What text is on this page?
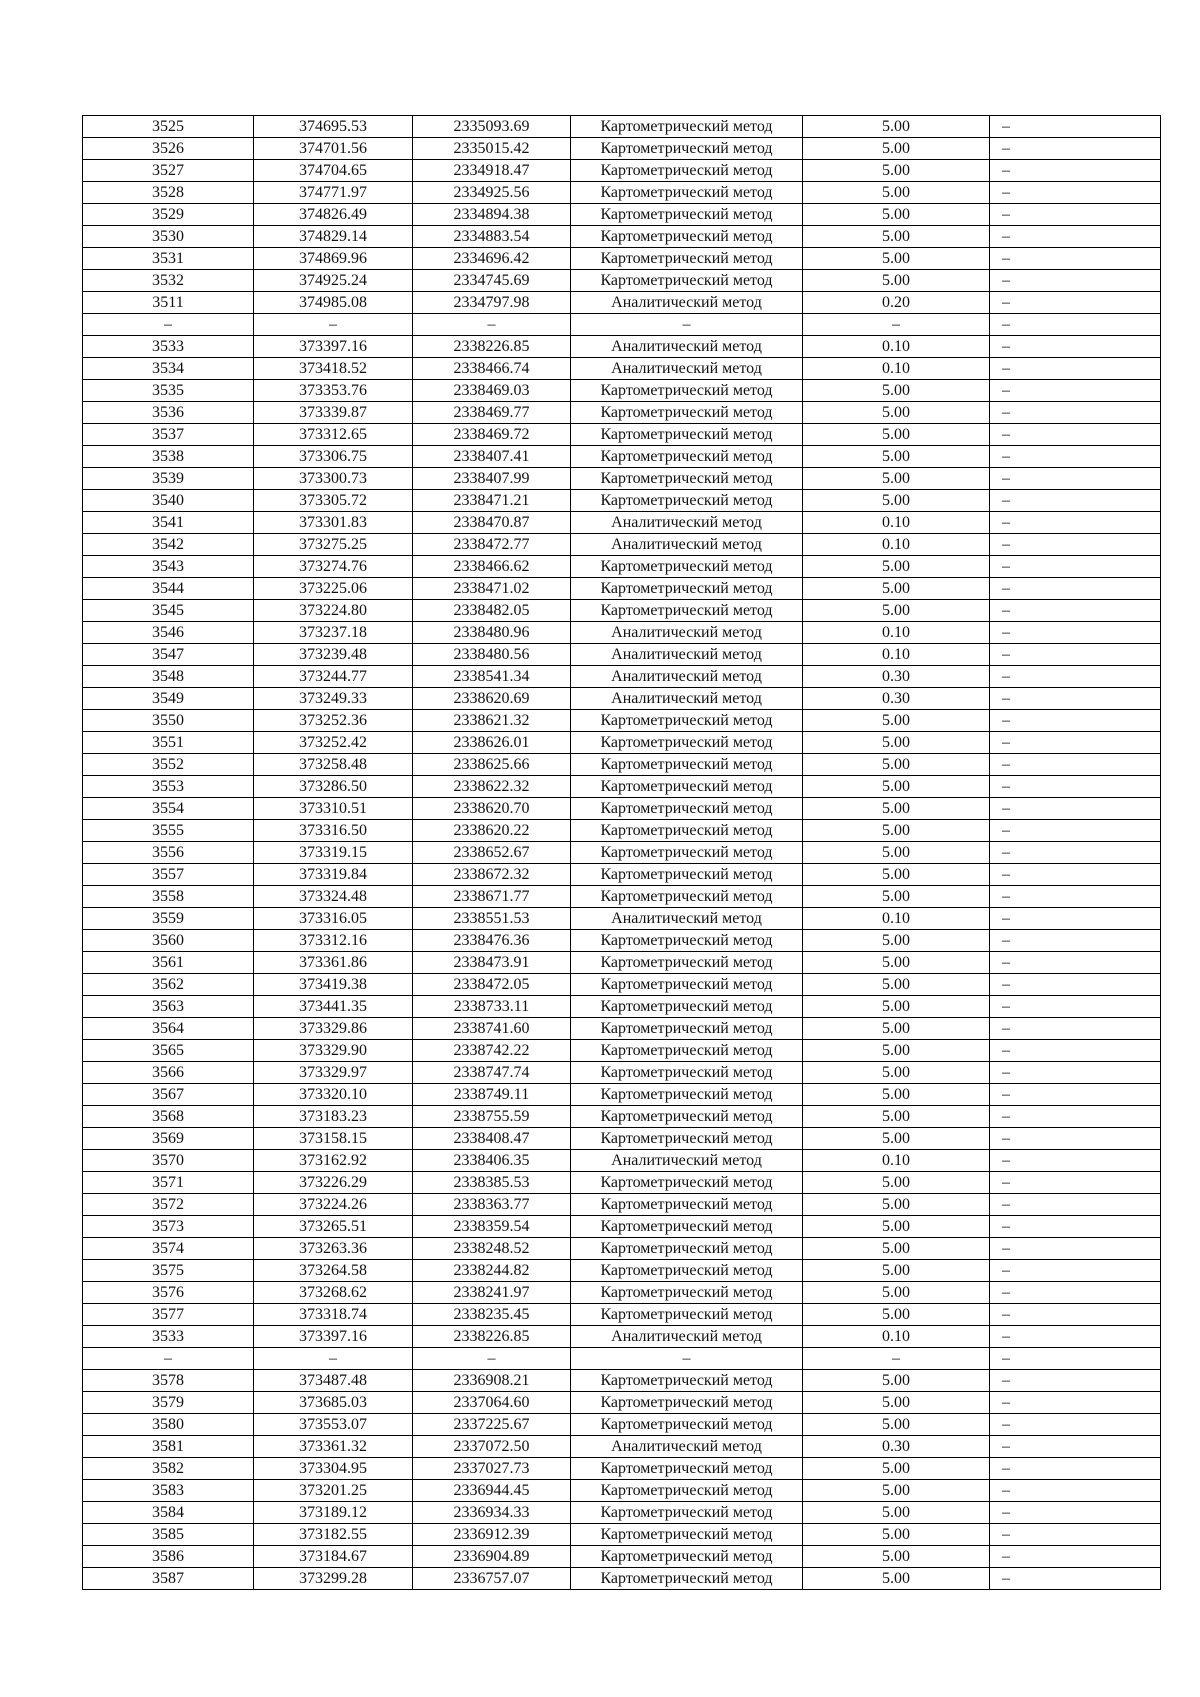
3525	374695.53	2335093.69	Картометрический метод	5.00	–
3526	374701.56	2335015.42	Картометрический метод	5.00	–
3527	374704.65	2334918.47	Картометрический метод	5.00	–
3528	374771.97	2334925.56	Картометрический метод	5.00	–
3529	374826.49	2334894.38	Картометрический метод	5.00	–
3530	374829.14	2334883.54	Картометрический метод	5.00	–
3531	374869.96	2334696.42	Картометрический метод	5.00	–
3532	374925.24	2334745.69	Картометрический метод	5.00	–
3511	374985.08	2334797.98	Аналитический метод	0.20	–
–	–	–	–	–	–
3533	373397.16	2338226.85	Аналитический метод	0.10	–
3534	373418.52	2338466.74	Аналитический метод	0.10	–
3535	373353.76	2338469.03	Картометрический метод	5.00	–
3536	373339.87	2338469.77	Картометрический метод	5.00	–
3537	373312.65	2338469.72	Картометрический метод	5.00	–
3538	373306.75	2338407.41	Картометрический метод	5.00	–
3539	373300.73	2338407.99	Картометрический метод	5.00	–
3540	373305.72	2338471.21	Картометрический метод	5.00	–
3541	373301.83	2338470.87	Аналитический метод	0.10	–
3542	373275.25	2338472.77	Аналитический метод	0.10	–
3543	373274.76	2338466.62	Картометрический метод	5.00	–
3544	373225.06	2338471.02	Картометрический метод	5.00	–
3545	373224.80	2338482.05	Картометрический метод	5.00	–
3546	373237.18	2338480.96	Аналитический метод	0.10	–
3547	373239.48	2338480.56	Аналитический метод	0.10	–
3548	373244.77	2338541.34	Аналитический метод	0.30	–
3549	373249.33	2338620.69	Аналитический метод	0.30	–
3550	373252.36	2338621.32	Картометрический метод	5.00	–
3551	373252.42	2338626.01	Картометрический метод	5.00	–
3552	373258.48	2338625.66	Картометрический метод	5.00	–
3553	373286.50	2338622.32	Картометрический метод	5.00	–
3554	373310.51	2338620.70	Картометрический метод	5.00	–
3555	373316.50	2338620.22	Картометрический метод	5.00	–
3556	373319.15	2338652.67	Картометрический метод	5.00	–
3557	373319.84	2338672.32	Картометрический метод	5.00	–
3558	373324.48	2338671.77	Картометрический метод	5.00	–
3559	373316.05	2338551.53	Аналитический метод	0.10	–
3560	373312.16	2338476.36	Картометрический метод	5.00	–
3561	373361.86	2338473.91	Картометрический метод	5.00	–
3562	373419.38	2338472.05	Картометрический метод	5.00	–
3563	373441.35	2338733.11	Картометрический метод	5.00	–
3564	373329.86	2338741.60	Картометрический метод	5.00	–
3565	373329.90	2338742.22	Картометрический метод	5.00	–
3566	373329.97	2338747.74	Картометрический метод	5.00	–
3567	373320.10	2338749.11	Картометрический метод	5.00	–
3568	373183.23	2338755.59	Картометрический метод	5.00	–
3569	373158.15	2338408.47	Картометрический метод	5.00	–
3570	373162.92	2338406.35	Аналитический метод	0.10	–
3571	373226.29	2338385.53	Картометрический метод	5.00	–
3572	373224.26	2338363.77	Картометрический метод	5.00	–
3573	373265.51	2338359.54	Картометрический метод	5.00	–
3574	373263.36	2338248.52	Картометрический метод	5.00	–
3575	373264.58	2338244.82	Картометрический метод	5.00	–
3576	373268.62	2338241.97	Картометрический метод	5.00	–
3577	373318.74	2338235.45	Картометрический метод	5.00	–
3533	373397.16	2338226.85	Аналитический метод	0.10	–
–	–	–	–	–	–
3578	373487.48	2336908.21	Картометрический метод	5.00	–
3579	373685.03	2337064.60	Картометрический метод	5.00	–
3580	373553.07	2337225.67	Картометрический метод	5.00	–
3581	373361.32	2337072.50	Аналитический метод	0.30	–
3582	373304.95	2337027.73	Картометрический метод	5.00	–
3583	373201.25	2336944.45	Картометрический метод	5.00	–
3584	373189.12	2336934.33	Картометрический метод	5.00	–
3585	373182.55	2336912.39	Картометрический метод	5.00	–
3586	373184.67	2336904.89	Картометрический метод	5.00	–
3587	373299.28	2336757.07	Картометрический метод	5.00	–
